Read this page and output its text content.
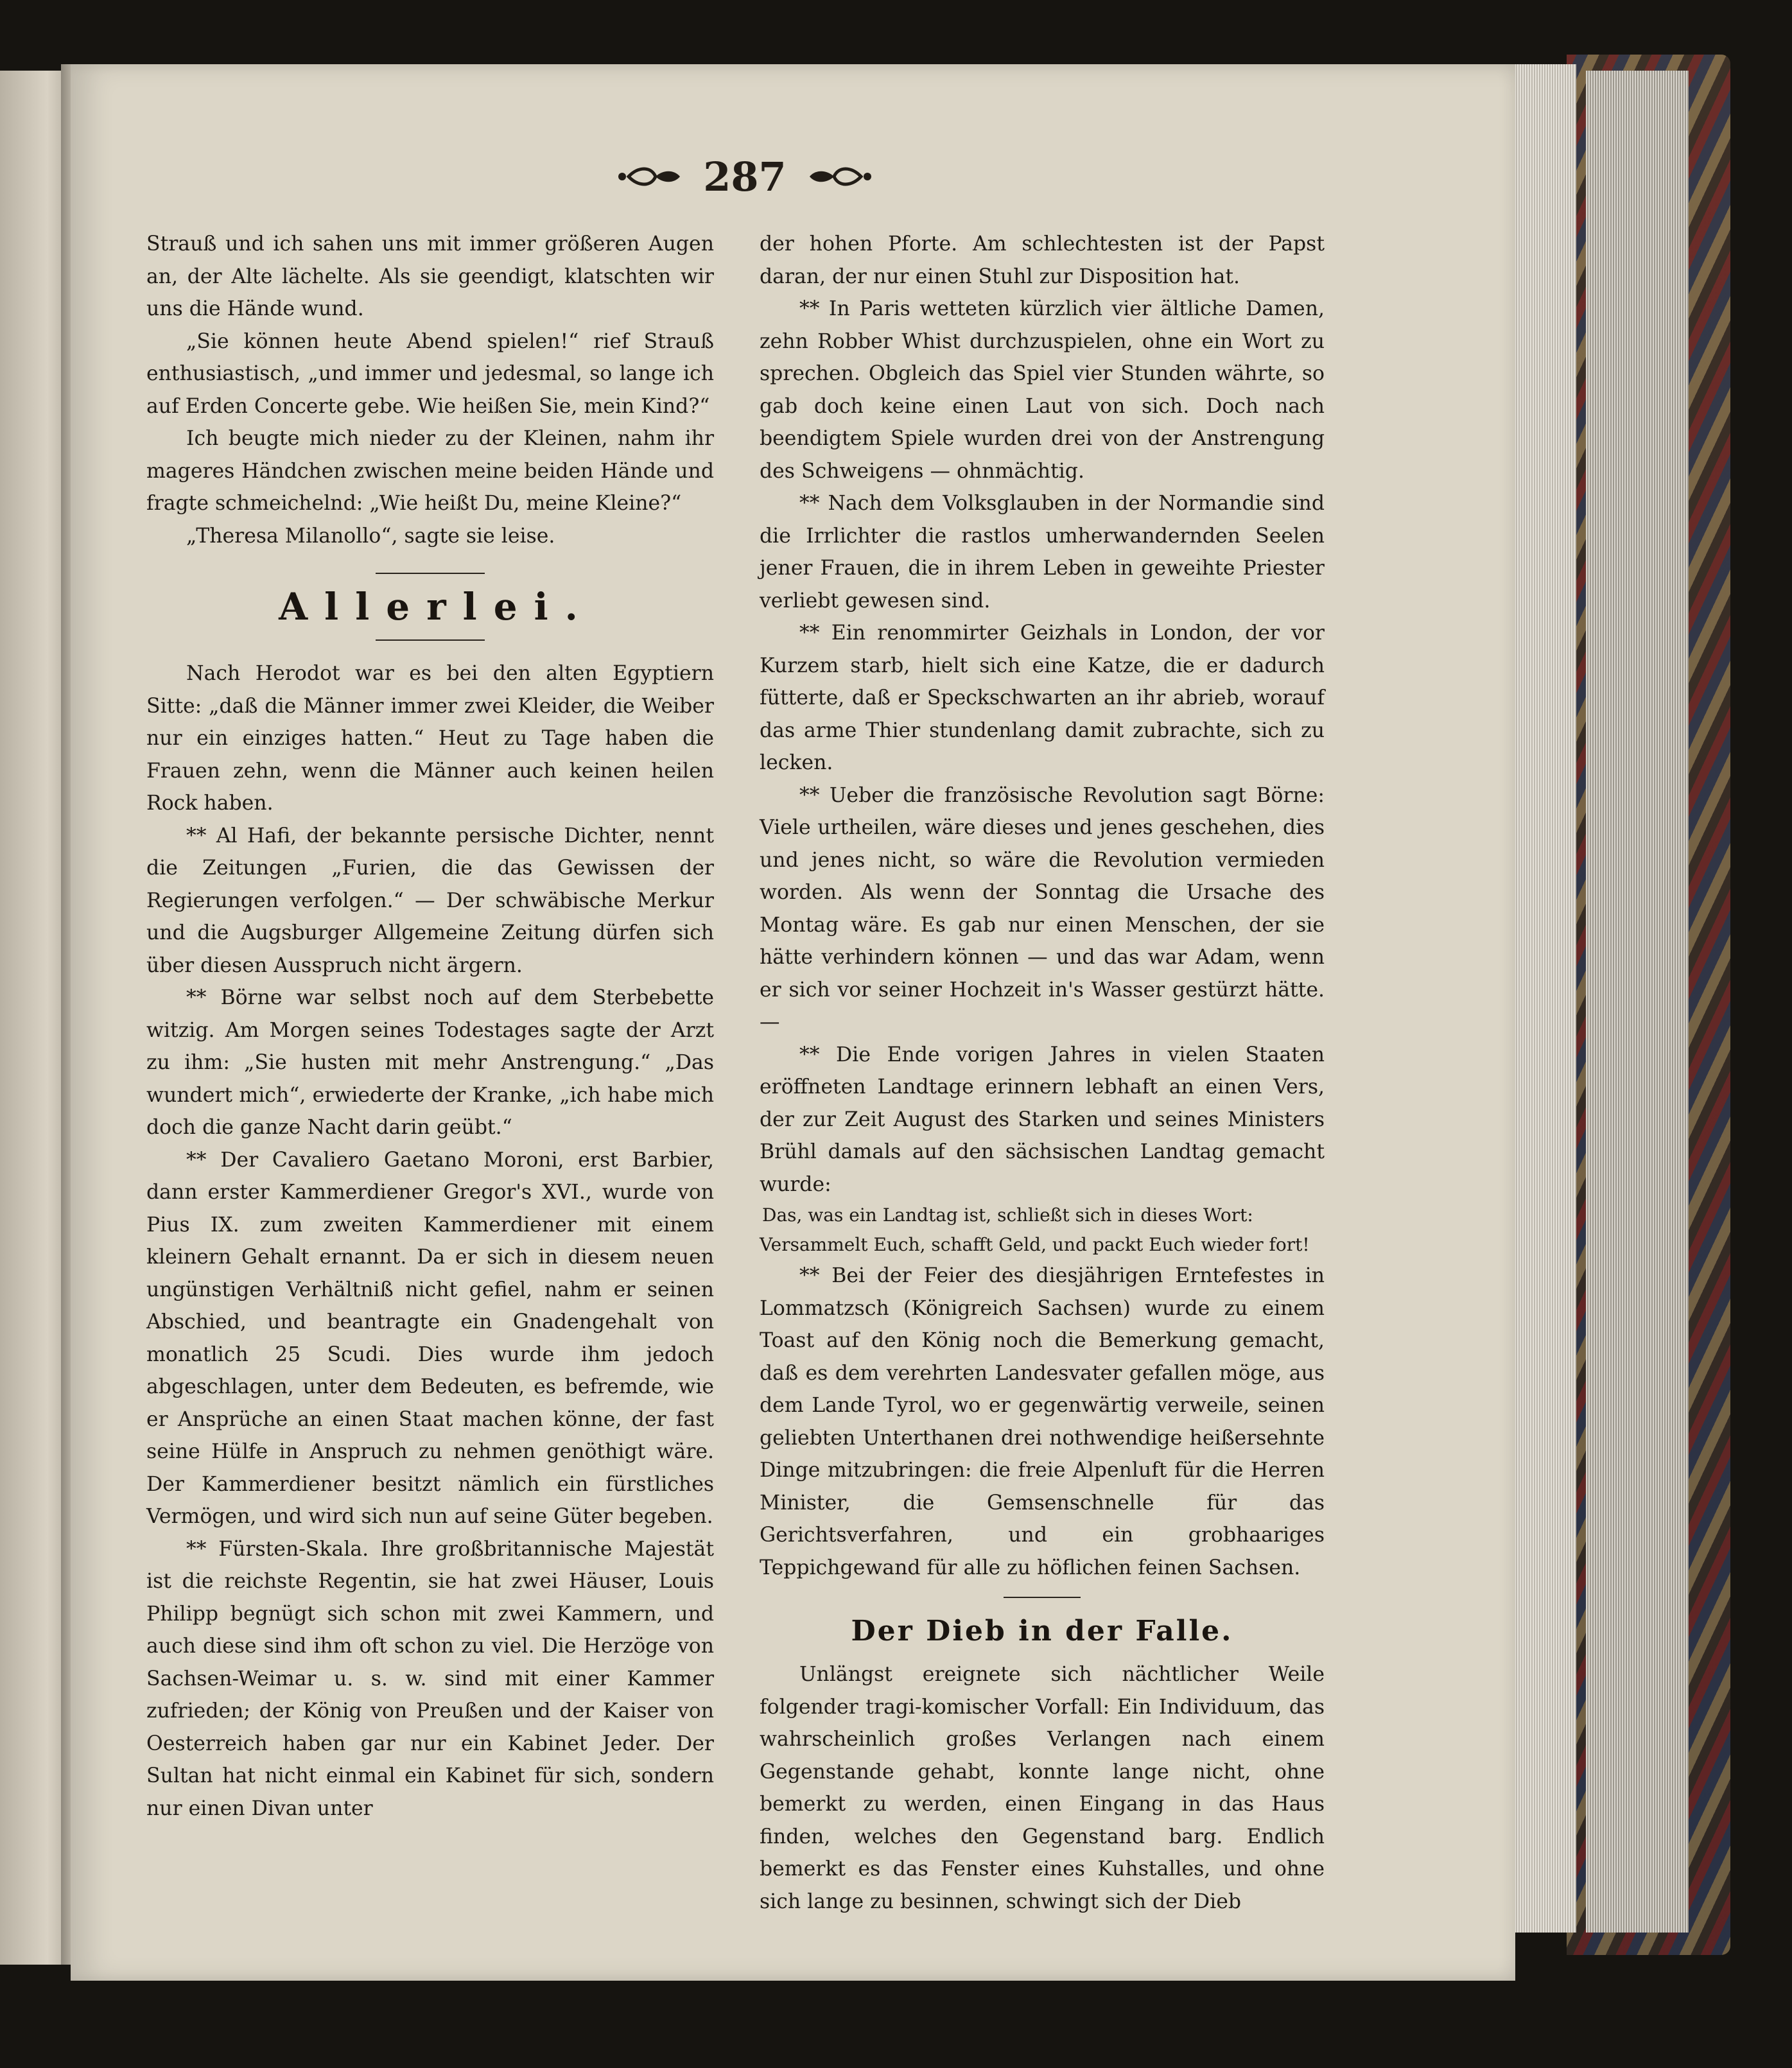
287

Strauß und ich sahen uns mit immer größeren Augen an, der Alte lächelte. Als sie geendigt, klatschten wir uns die Hände wund.

„Sie können heute Abend spielen!“ rief Strauß enthusiastisch, „und immer und jedesmal, so lange ich auf Erden Concerte gebe. Wie heißen Sie, mein Kind?“

Ich beugte mich nieder zu der Kleinen, nahm ihr mageres Händchen zwischen meine beiden Hände und fragte schmeichelnd: „Wie heißt Du, meine Kleine?“

„Theresa Milanollo“, sagte sie leise.

Allerlei.

Nach Herodot war es bei den alten Egyptiern Sitte: „daß die Männer immer zwei Kleider, die Weiber nur ein einziges hatten.“ Heut zu Tage haben die Frauen zehn, wenn die Männer auch keinen heilen Rock haben.

** Al Hafi, der bekannte persische Dichter, nennt die Zeitungen „Furien, die das Gewissen der Regierungen verfolgen.“ — Der schwäbische Merkur und die Augsburger Allgemeine Zeitung dürfen sich über diesen Ausspruch nicht ärgern.

** Börne war selbst noch auf dem Sterbebette witzig. Am Morgen seines Todestages sagte der Arzt zu ihm: „Sie husten mit mehr Anstrengung.“ „Das wundert mich“, erwiederte der Kranke, „ich habe mich doch die ganze Nacht darin geübt.“

** Der Cavaliero Gaetano Moroni, erst Barbier, dann erster Kammerdiener Gregor's XVI., wurde von Pius IX. zum zweiten Kammerdiener mit einem kleinern Gehalt ernannt. Da er sich in diesem neuen ungünstigen Verhältniß nicht gefiel, nahm er seinen Abschied, und beantragte ein Gnadengehalt von monatlich 25 Scudi. Dies wurde ihm jedoch abgeschlagen, unter dem Bedeuten, es befremde, wie er Ansprüche an einen Staat machen könne, der fast seine Hülfe in Anspruch zu nehmen genöthigt wäre. Der Kammerdiener besitzt nämlich ein fürstliches Vermögen, und wird sich nun auf seine Güter begeben.

** Fürsten-Skala. Ihre großbritannische Majestät ist die reichste Regentin, sie hat zwei Häuser, Louis Philipp begnügt sich schon mit zwei Kammern, und auch diese sind ihm oft schon zu viel. Die Herzöge von Sachsen-Weimar u. s. w. sind mit einer Kammer zufrieden; der König von Preußen und der Kaiser von Oesterreich haben gar nur ein Kabinet Jeder. Der Sultan hat nicht einmal ein Kabinet für sich, sondern nur einen Divan unter

der hohen Pforte. Am schlechtesten ist der Papst daran, der nur einen Stuhl zur Disposition hat.

** In Paris wetteten kürzlich vier ältliche Damen, zehn Robber Whist durchzuspielen, ohne ein Wort zu sprechen. Obgleich das Spiel vier Stunden währte, so gab doch keine einen Laut von sich. Doch nach beendigtem Spiele wurden drei von der Anstrengung des Schweigens — ohnmächtig.

** Nach dem Volksglauben in der Normandie sind die Irrlichter die rastlos umherwandernden Seelen jener Frauen, die in ihrem Leben in geweihte Priester verliebt gewesen sind.

** Ein renommirter Geizhals in London, der vor Kurzem starb, hielt sich eine Katze, die er dadurch fütterte, daß er Speckschwarten an ihr abrieb, worauf das arme Thier stundenlang damit zubrachte, sich zu lecken.

** Ueber die französische Revolution sagt Börne: Viele urtheilen, wäre dieses und jenes geschehen, dies und jenes nicht, so wäre die Revolution vermieden worden. Als wenn der Sonntag die Ursache des Montag wäre. Es gab nur einen Menschen, der sie hätte verhindern können — und das war Adam, wenn er sich vor seiner Hochzeit in's Wasser gestürzt hätte. —

** Die Ende vorigen Jahres in vielen Staaten eröffneten Landtage erinnern lebhaft an einen Vers, der zur Zeit August des Starken und seines Ministers Brühl damals auf den sächsischen Landtag gemacht wurde:

Das, was ein Landtag ist, schließt sich in dieses Wort:

Versammelt Euch, schafft Geld, und packt Euch wieder fort!

** Bei der Feier des diesjährigen Erntefestes in Lommatzsch (Königreich Sachsen) wurde zu einem Toast auf den König noch die Bemerkung gemacht, daß es dem verehrten Landesvater gefallen möge, aus dem Lande Tyrol, wo er gegenwärtig verweile, seinen geliebten Unterthanen drei nothwendige heißersehnte Dinge mitzubringen: die freie Alpenluft für die Herren Minister, die Gemsenschnelle für das Gerichtsverfahren, und ein grobhaariges Teppichgewand für alle zu höflichen feinen Sachsen.

Der Dieb in der Falle.

Unlängst ereignete sich nächtlicher Weile folgender tragi-komischer Vorfall: Ein Individuum, das wahrscheinlich großes Verlangen nach einem Gegenstande gehabt, konnte lange nicht, ohne bemerkt zu werden, einen Eingang in das Haus finden, welches den Gegenstand barg. Endlich bemerkt es das Fenster eines Kuhstalles, und ohne sich lange zu besinnen, schwingt sich der Dieb
